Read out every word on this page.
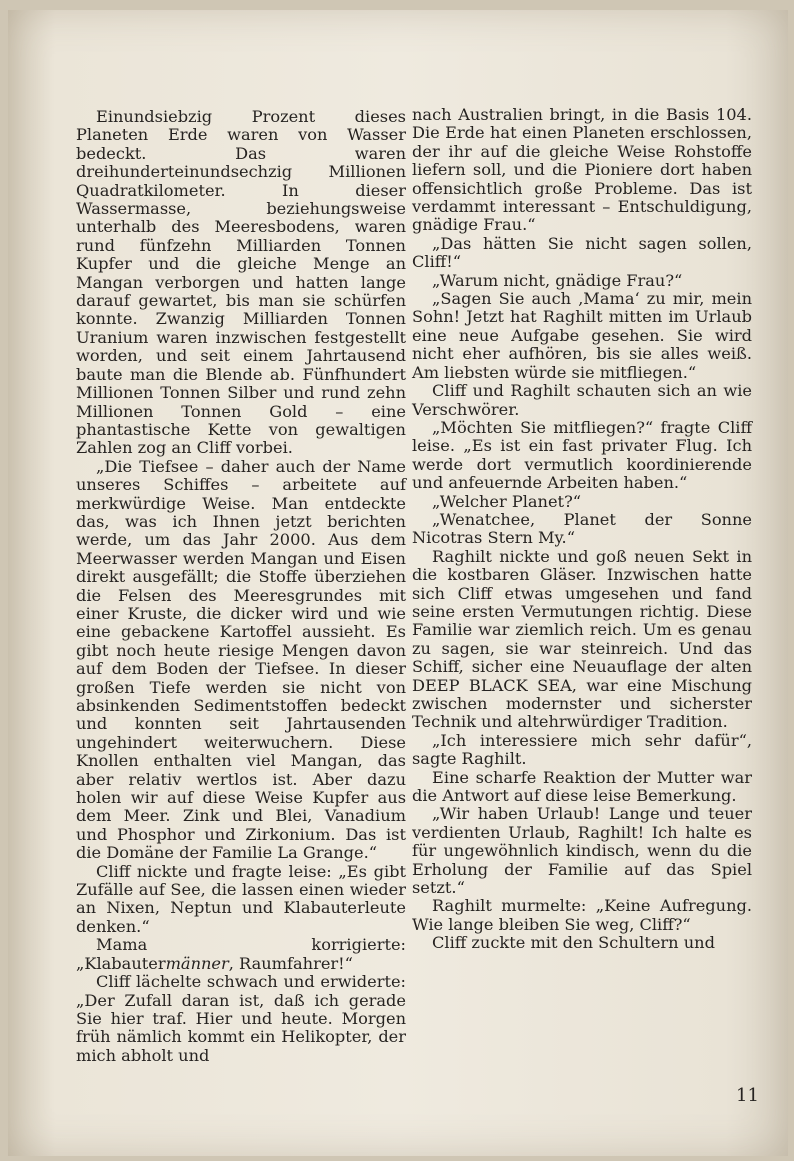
Einundsiebzig Prozent dieses Planeten Erde waren von Wasser bedeckt. Das waren dreihunderteinundsechzig Millionen Quadratkilometer. In dieser Wassermasse, beziehungsweise unterhalb des Meeresbodens, waren rund fünfzehn Milliarden Tonnen Kupfer und die gleiche Menge an Mangan verborgen und hatten lange darauf gewartet, bis man sie schürfen konnte. Zwanzig Milliarden Tonnen Uranium waren inzwischen festgestellt worden, und seit einem Jahrtausend baute man die Blende ab. Fünfhundert Millionen Tonnen Silber und rund zehn Millionen Tonnen Gold – eine phantastische Kette von gewaltigen Zahlen zog an Cliff vorbei.

„Die Tiefsee – daher auch der Name unseres Schiffes – arbeitete auf merkwürdige Weise. Man entdeckte das, was ich Ihnen jetzt berichten werde, um das Jahr 2000. Aus dem Meerwasser werden Mangan und Eisen direkt ausgefällt; die Stoffe überziehen die Felsen des Meeresgrundes mit einer Kruste, die dicker wird und wie eine gebackene Kartoffel aussieht. Es gibt noch heute riesige Mengen davon auf dem Boden der Tiefsee. In dieser großen Tiefe werden sie nicht von absinkenden Sedimentstoffen bedeckt und konnten seit Jahrtausenden ungehindert weiterwuchern. Diese Knollen enthalten viel Mangan, das aber relativ wertlos ist. Aber dazu holen wir auf diese Weise Kupfer aus dem Meer. Zink und Blei, Vanadium und Phosphor und Zirkonium. Das ist die Domäne der Familie La Grange.“

Cliff nickte und fragte leise: „Es gibt Zufälle auf See, die lassen einen wieder an Nixen, Neptun und Klabauterleute denken.“

Mama korrigierte: „Klabautermänner, Raumfahrer!“

Cliff lächelte schwach und erwiderte: „Der Zufall daran ist, daß ich gerade Sie hier traf. Hier und heute. Morgen früh nämlich kommt ein Helikopter, der mich abholt und

nach Australien bringt, in die Basis 104. Die Erde hat einen Planeten erschlossen, der ihr auf die gleiche Weise Rohstoffe liefern soll, und die Pioniere dort haben offensichtlich große Probleme. Das ist verdammt interessant – Entschuldigung, gnädige Frau.“

„Das hätten Sie nicht sagen sollen, Cliff!“

„Warum nicht, gnädige Frau?“

„Sagen Sie auch ‚Mama‘ zu mir, mein Sohn! Jetzt hat Raghilt mitten im Urlaub eine neue Aufgabe gesehen. Sie wird nicht eher aufhören, bis sie alles weiß. Am liebsten würde sie mitfliegen.“

Cliff und Raghilt schauten sich an wie Verschwörer.

„Möchten Sie mitfliegen?“ fragte Cliff leise. „Es ist ein fast privater Flug. Ich werde dort vermutlich koordinierende und anfeuernde Arbeiten haben.“

„Welcher Planet?“

„Wenatchee, Planet der Sonne Nicotras Stern My.“

Raghilt nickte und goß neuen Sekt in die kostbaren Gläser. Inzwischen hatte sich Cliff etwas umgesehen und fand seine ersten Vermutungen richtig. Diese Familie war ziemlich reich. Um es genau zu sagen, sie war steinreich. Und das Schiff, sicher eine Neuauflage der alten DEEP BLACK SEA, war eine Mischung zwischen modernster und sicherster Technik und altehrwürdiger Tradition.

„Ich interessiere mich sehr dafür“, sagte Raghilt.

Eine scharfe Reaktion der Mutter war die Antwort auf diese leise Bemerkung.

„Wir haben Urlaub! Lange und teuer verdienten Urlaub, Raghilt! Ich halte es für ungewöhnlich kindisch, wenn du die Erholung der Familie auf das Spiel setzt.“

Raghilt murmelte: „Keine Aufregung. Wie lange bleiben Sie weg, Cliff?“

Cliff zuckte mit den Schultern und

11
